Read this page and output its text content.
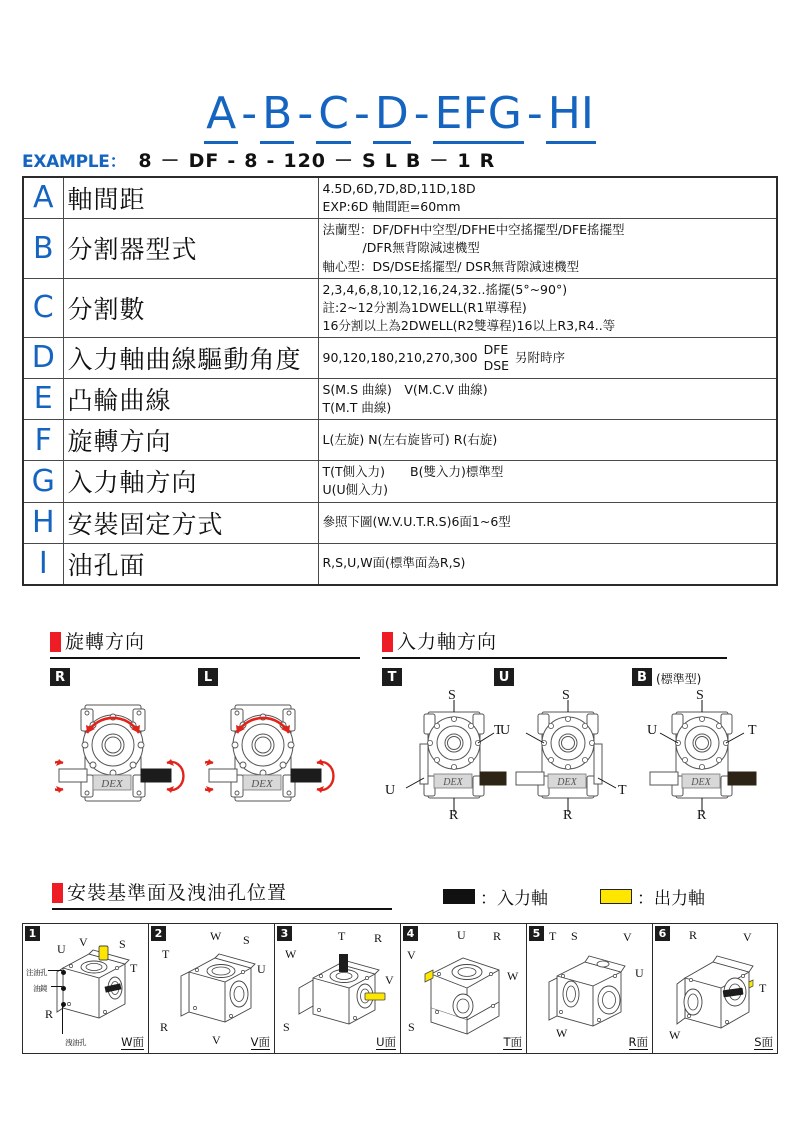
A - B - C - D - EFG - HI
EXAMPLE： 8 － DF - 8 - 120 － S L B － 1 R
A	軸間距	4.5D,6D,7D,8D,11D,18D
EXP:6D 軸間距=60mm

B	分割器型式	法蘭型：DF/DFH中空型/DFHE中空搖擺型/DFE搖擺型
/DFR無背隙減速機型
軸心型：DS/DSE搖擺型/ DSR無背隙減速機型

C	分割數	2,3,4,6,8,10,12,16,24,32..搖擺(5°~90°)
註:2~12分割為1DWELL(R1單導程)
16分割以上為2DWELL(R2雙導程)16以上R3,R4..等

D	入力軸曲線驅動角度	90,120,180,210,270,300
DFE
DSE
另附時序

E	凸輪曲線	S(M.S 曲線)　V(M.C.V 曲線)
T(M.T 曲線)

F	旋轉方向	L(左旋) N(左右旋皆可) R(右旋)

G	入力軸方向	T(T側入力)　　B(雙入力)標準型
U(U側入力)

H	安裝固定方式	參照下圖(W.V.U.T.R.S)6面1~6型

I	油孔面	R,S,U,W面(標準面為R,S)
旋轉方向
R	L
DEX	DEX
入力軸方向
T	U	B (標準型)
DEX
S
R
T
U
DEX
S
R
T
U
DEX
S
R
T
U
安裝基準面及洩油孔位置	：入力軸	：出力軸
1
U V	S
T
R
注油孔
油鏡
洩油孔	W面
2
T
W S
U
R
V	V面
3
W
T R
V
S
U面
4
V
U R
W
S
T面
5 T S	V
U
W
R面
6	R	V
T
W	S面
